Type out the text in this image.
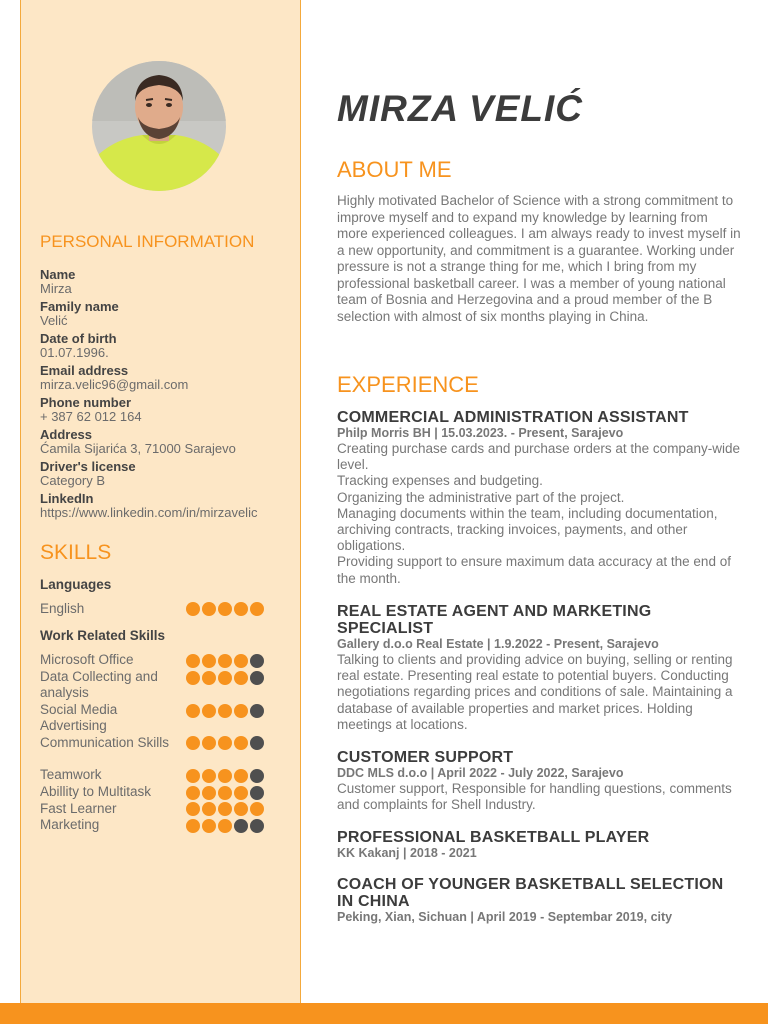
PERSONAL INFORMATION
Name
Mirza
Family name
Velić
Date of birth
01.07.1996.
Email address
mirza.velic96@gmail.com
Phone number
+ 387 62 012 164
Address
Ćamila Sijarića 3, 71000 Sarajevo
Driver's license
Category B
LinkedIn
https://www.linkedin.com/in/mirzavelic
SKILLS
Languages
English
Work Related Skills
Microsoft Office
Data Collecting and analysis
Social Media Advertising
Communication Skills
Teamwork
Abillity to Multitask
Fast Learner
Marketing
MIRZA VELIĆ
ABOUT ME
Highly motivated Bachelor of Science with a strong commitment to improve myself and to expand my knowledge by learning from more experienced colleagues. I am always ready to invest myself in a new opportunity, and commitment is a guarantee. Working under pressure is not a strange thing for me, which I bring from my professional basketball career. I was a member of young national team of Bosnia and Herzegovina and a proud member of the B selection with almost of six months playing in China.
EXPERIENCE
COMMERCIAL ADMINISTRATION ASSISTANT
Philp Morris BH | 15.03.2023. - Present, Sarajevo
Creating purchase cards and purchase orders at the company-wide level.
Tracking expenses and budgeting.
Organizing the administrative part of the project.
Managing documents within the team, including documentation, archiving contracts, tracking invoices, payments, and other obligations.
Providing support to ensure maximum data accuracy at the end of the month.
REAL ESTATE AGENT AND MARKETING SPECIALIST
Gallery d.o.o Real Estate | 1.9.2022 - Present, Sarajevo
Talking to clients and providing advice on buying, selling or renting real estate. Presenting real estate to potential buyers. Conducting negotiations regarding prices and conditions of sale. Maintaining a database of available properties and market prices. Holding meetings at locations.
CUSTOMER SUPPORT
DDC MLS d.o.o | April 2022 - July 2022, Sarajevo
Customer support, Responsible for handling questions, comments and complaints for Shell Industry.
PROFESSIONAL BASKETBALL PLAYER
KK Kakanj | 2018 - 2021
COACH OF YOUNGER BASKETBALL SELECTION IN CHINA
Peking, Xian, Sichuan | April 2019 - Septembar 2019, city
